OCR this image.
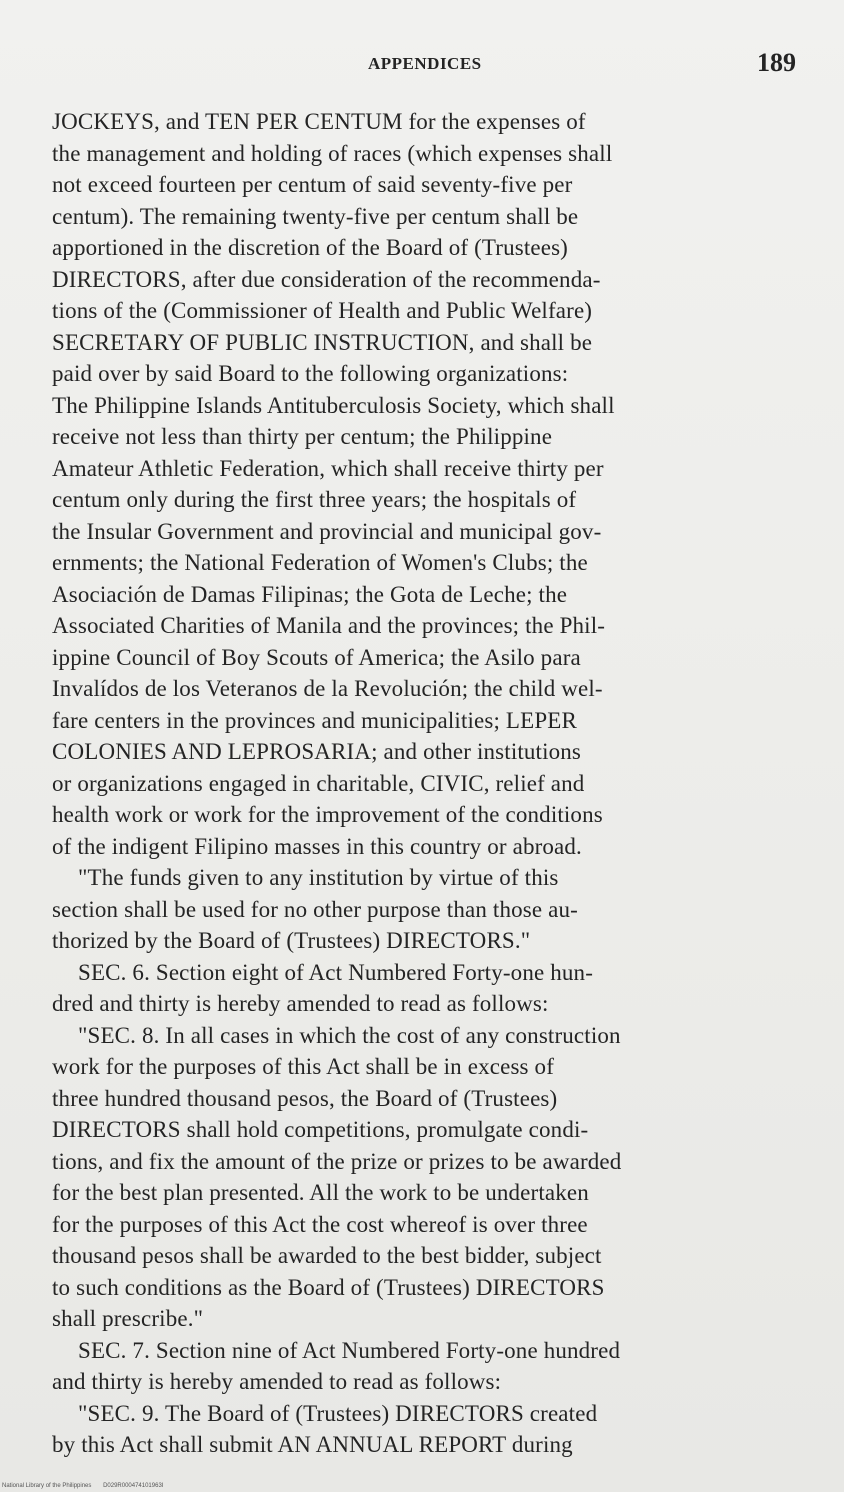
APPENDICES	189
JOCKEYS, and TEN PER CENTUM for the expenses of
the management and holding of races (which expenses shall
not exceed fourteen per centum of said seventy-five per
centum). The remaining twenty-five per centum shall be
apportioned in the discretion of the Board of (Trustees)
DIRECTORS, after due consideration of the recommenda-
tions of the (Commissioner of Health and Public Welfare)
SECRETARY OF PUBLIC INSTRUCTION, and shall be
paid over by said Board to the following organizations:
The Philippine Islands Antituberculosis Society, which shall
receive not less than thirty per centum; the Philippine
Amateur Athletic Federation, which shall receive thirty per
centum only during the first three years; the hospitals of
the Insular Government and provincial and municipal gov-
ernments; the National Federation of Women's Clubs; the
Asociación de Damas Filipinas; the Gota de Leche; the
Associated Charities of Manila and the provinces; the Phil-
ippine Council of Boy Scouts of America; the Asilo para
Invalídos de los Veteranos de la Revolución; the child wel-
fare centers in the provinces and municipalities; LEPER
COLONIES AND LEPROSARIA; and other institutions
or organizations engaged in charitable, CIVIC, relief and
health work or work for the improvement of the conditions
of the indigent Filipino masses in this country or abroad.
"The funds given to any institution by virtue of this
section shall be used for no other purpose than those au-
thorized by the Board of (Trustees) DIRECTORS."
SEC. 6. Section eight of Act Numbered Forty-one hun-
dred and thirty is hereby amended to read as follows:
"SEC. 8. In all cases in which the cost of any construction
work for the purposes of this Act shall be in excess of
three hundred thousand pesos, the Board of (Trustees)
DIRECTORS shall hold competitions, promulgate condi-
tions, and fix the amount of the prize or prizes to be awarded
for the best plan presented. All the work to be undertaken
for the purposes of this Act the cost whereof is over three
thousand pesos shall be awarded to the best bidder, subject
to such conditions as the Board of (Trustees) DIRECTORS
shall prescribe."
SEC. 7. Section nine of Act Numbered Forty-one hundred
and thirty is hereby amended to read as follows:
"SEC. 9. The Board of (Trustees) DIRECTORS created
by this Act shall submit AN ANNUAL REPORT during
National Library of the Philippines D029R000474101963I
